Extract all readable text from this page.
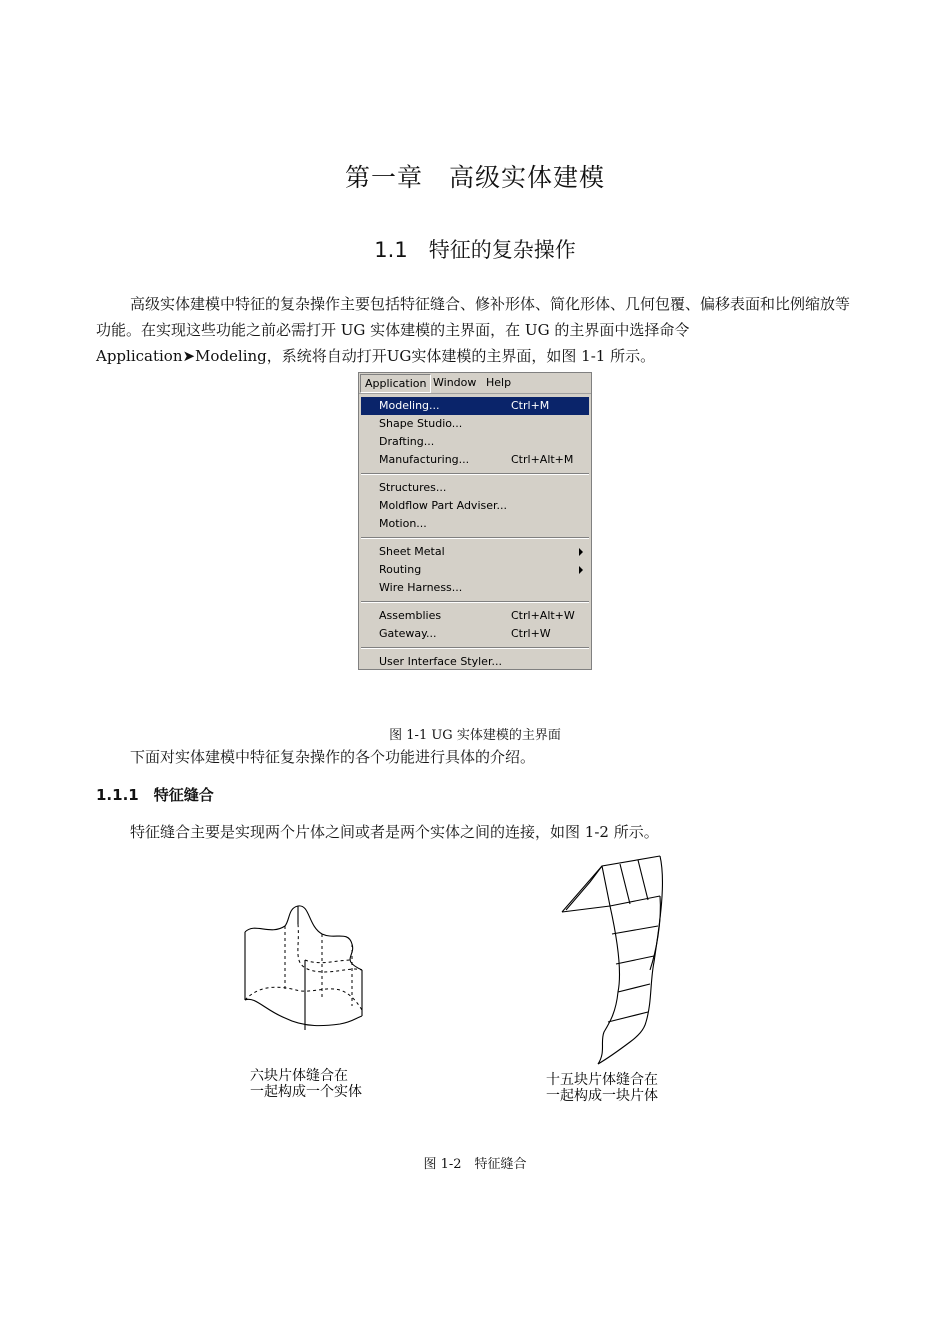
第一章　高级实体建模
1.1　特征的复杂操作
高级实体建模中特征的复杂操作主要包括特征缝合、修补形体、简化形体、几何包覆、偏移表面和比例缩放等功能。在实现这些功能之前必需打开 UG 实体建模的主界面，在 UG 的主界面中选择命令Application➤Modeling，系统将自动打开UG实体建模的主界面，如图 1-1 所示。
Application Window Help
Modeling...	Ctrl+M
Shape Studio...
Drafting...
Manufacturing...	Ctrl+Alt+M
Structures...
Moldflow Part Adviser...
Motion...
Sheet Metal
Routing
Wire Harness...
Assemblies	Ctrl+Alt+W
Gateway...	Ctrl+W
User Interface Styler...
图 1-1 UG 实体建模的主界面
下面对实体建模中特征复杂操作的各个功能进行具体的介绍。
1.1.1　特征缝合
特征缝合主要是实现两个片体之间或者是两个实体之间的连接，如图 1-2 所示。
六块片体缝合在
一起构成一个实体
十五块片体缝合在
一起构成一块片体
图 1-2　特征缝合
